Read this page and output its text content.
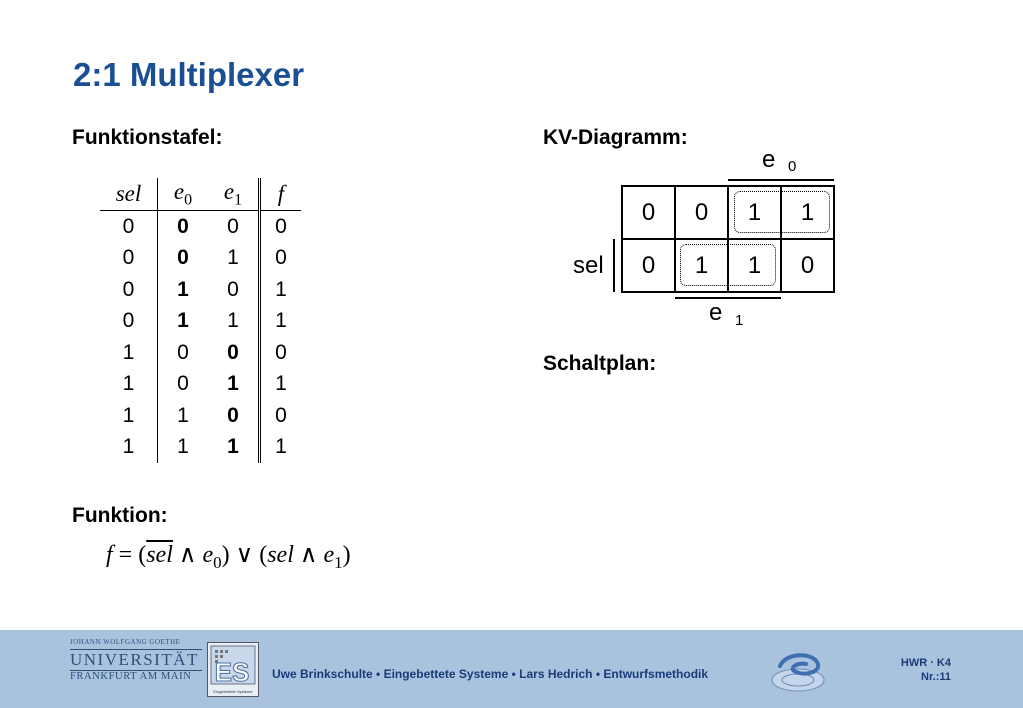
2:1 Multiplexer
Funktionstafel:	KV-Diagramm:
Schaltplan:
Funktion:
sel	$e_0$	$e_1$	f
0	0	0	0
0	0	1	0
0	1	0	1
0	1	1	1
1	0	0	0
1	0	1	1
1	1	0	0
1	1	1	1
$f = (\overline{sel}$ ∧ $e_0$) ∨ (sel ∧ $e_1$)
e 0
sel
0	0	1	1
0	1	1	0
e 1
JOHANN WOLFGANG GOETHE
UNIVERSITÄT
FRANKFURT AM MAIN ES
Eingebettete Systeme
Uwe Brinkschulte • Eingebettete Systeme • Lars Hedrich • Entwurfsmethodik
HWR · K4
Nr.:11
